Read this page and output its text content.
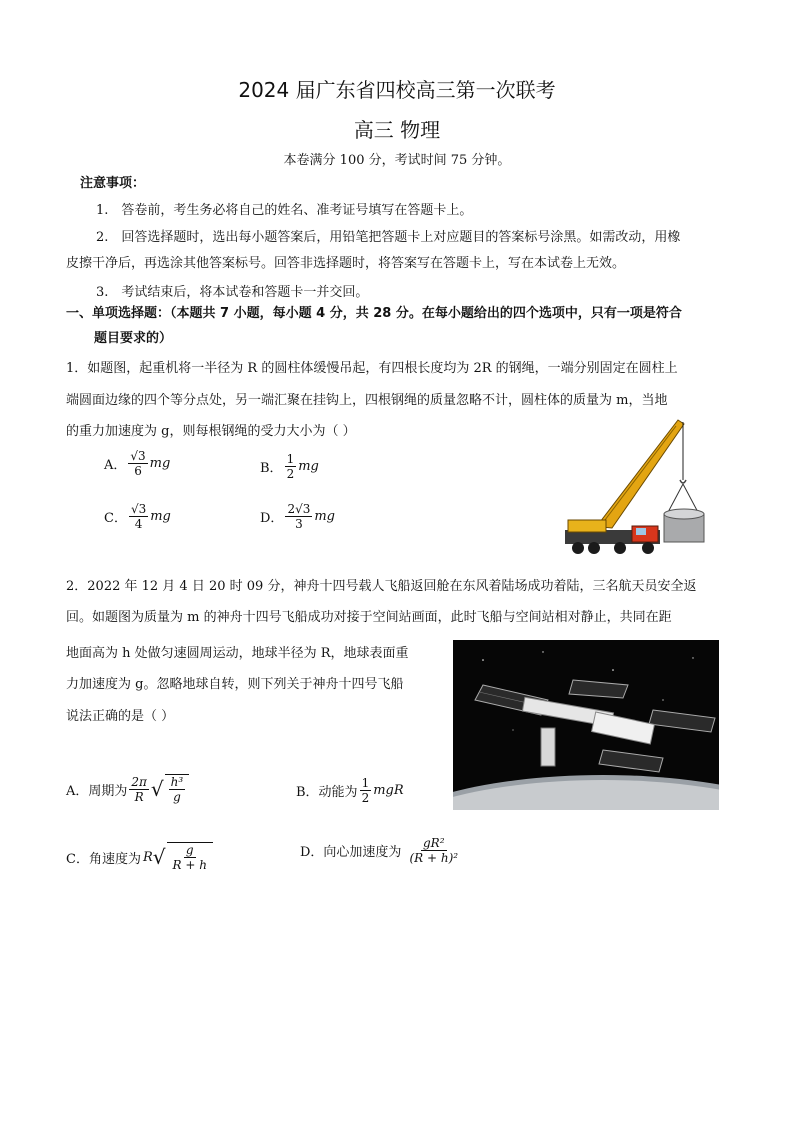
2024 届广东省四校高三第一次联考
高三 物理
本卷满分 100 分，考试时间 75 分钟。
注意事项：
1.　答卷前，考生务必将自己的姓名、准考证号填写在答题卡上。
2.　回答选择题时，选出每小题答案后，用铅笔把答题卡上对应题目的答案标号涂黑。如需改动，用橡
皮擦干净后，再选涂其他答案标号。回答非选择题时，将答案写在答题卡上，写在本试卷上无效。
3.　考试结束后，将本试卷和答题卡一并交回。
一、单项选择题：（本题共 7 小题，每小题 4 分，共 28 分。在每小题给出的四个选项中，只有一项是符合
题目要求的）
1．如题图，起重机将一半径为 R 的圆柱体缓慢吊起，有四根长度均为 2R 的钢绳，一端分别固定在圆柱上
端圆面边缘的四个等分点处，另一端汇聚在挂钩上，四根钢绳的质量忽略不计，圆柱体的质量为 m，当地
的重力加速度为 g，则每根钢绳的受力大小为（ ）
A． $\frac{√3}{6}$ mg	B． $\frac{1}{2}$ mg
C． $\frac{√3}{4}$ mg	D． $\frac{2√3}{3}$ mg
2．2022 年 12 月 4 日 20 时 09 分，神舟十四号载人飞船返回舱在东风着陆场成功着陆，三名航天员安全返
回。如题图为质量为 m 的神舟十四号飞船成功对接于空间站画面，此时飞船与空间站相对静止，共同在距
地面高为 h 处做匀速圆周运动，地球半径为 R，地球表面重
力加速度为 g。忽略地球自转，则下列关于神舟十四号飞船
说法正确的是（ ）
A．周期为 $\frac{2\pi}{R}$ √ $\frac{\text{h³}}{g}$	B．动能为 $\frac{1}{2}$ mgR
C．角速度为 R √ $\frac{g}{R + h}$	D．向心加速度为 $\frac{\text{gR²}}{\text{(R + h)²}}$
